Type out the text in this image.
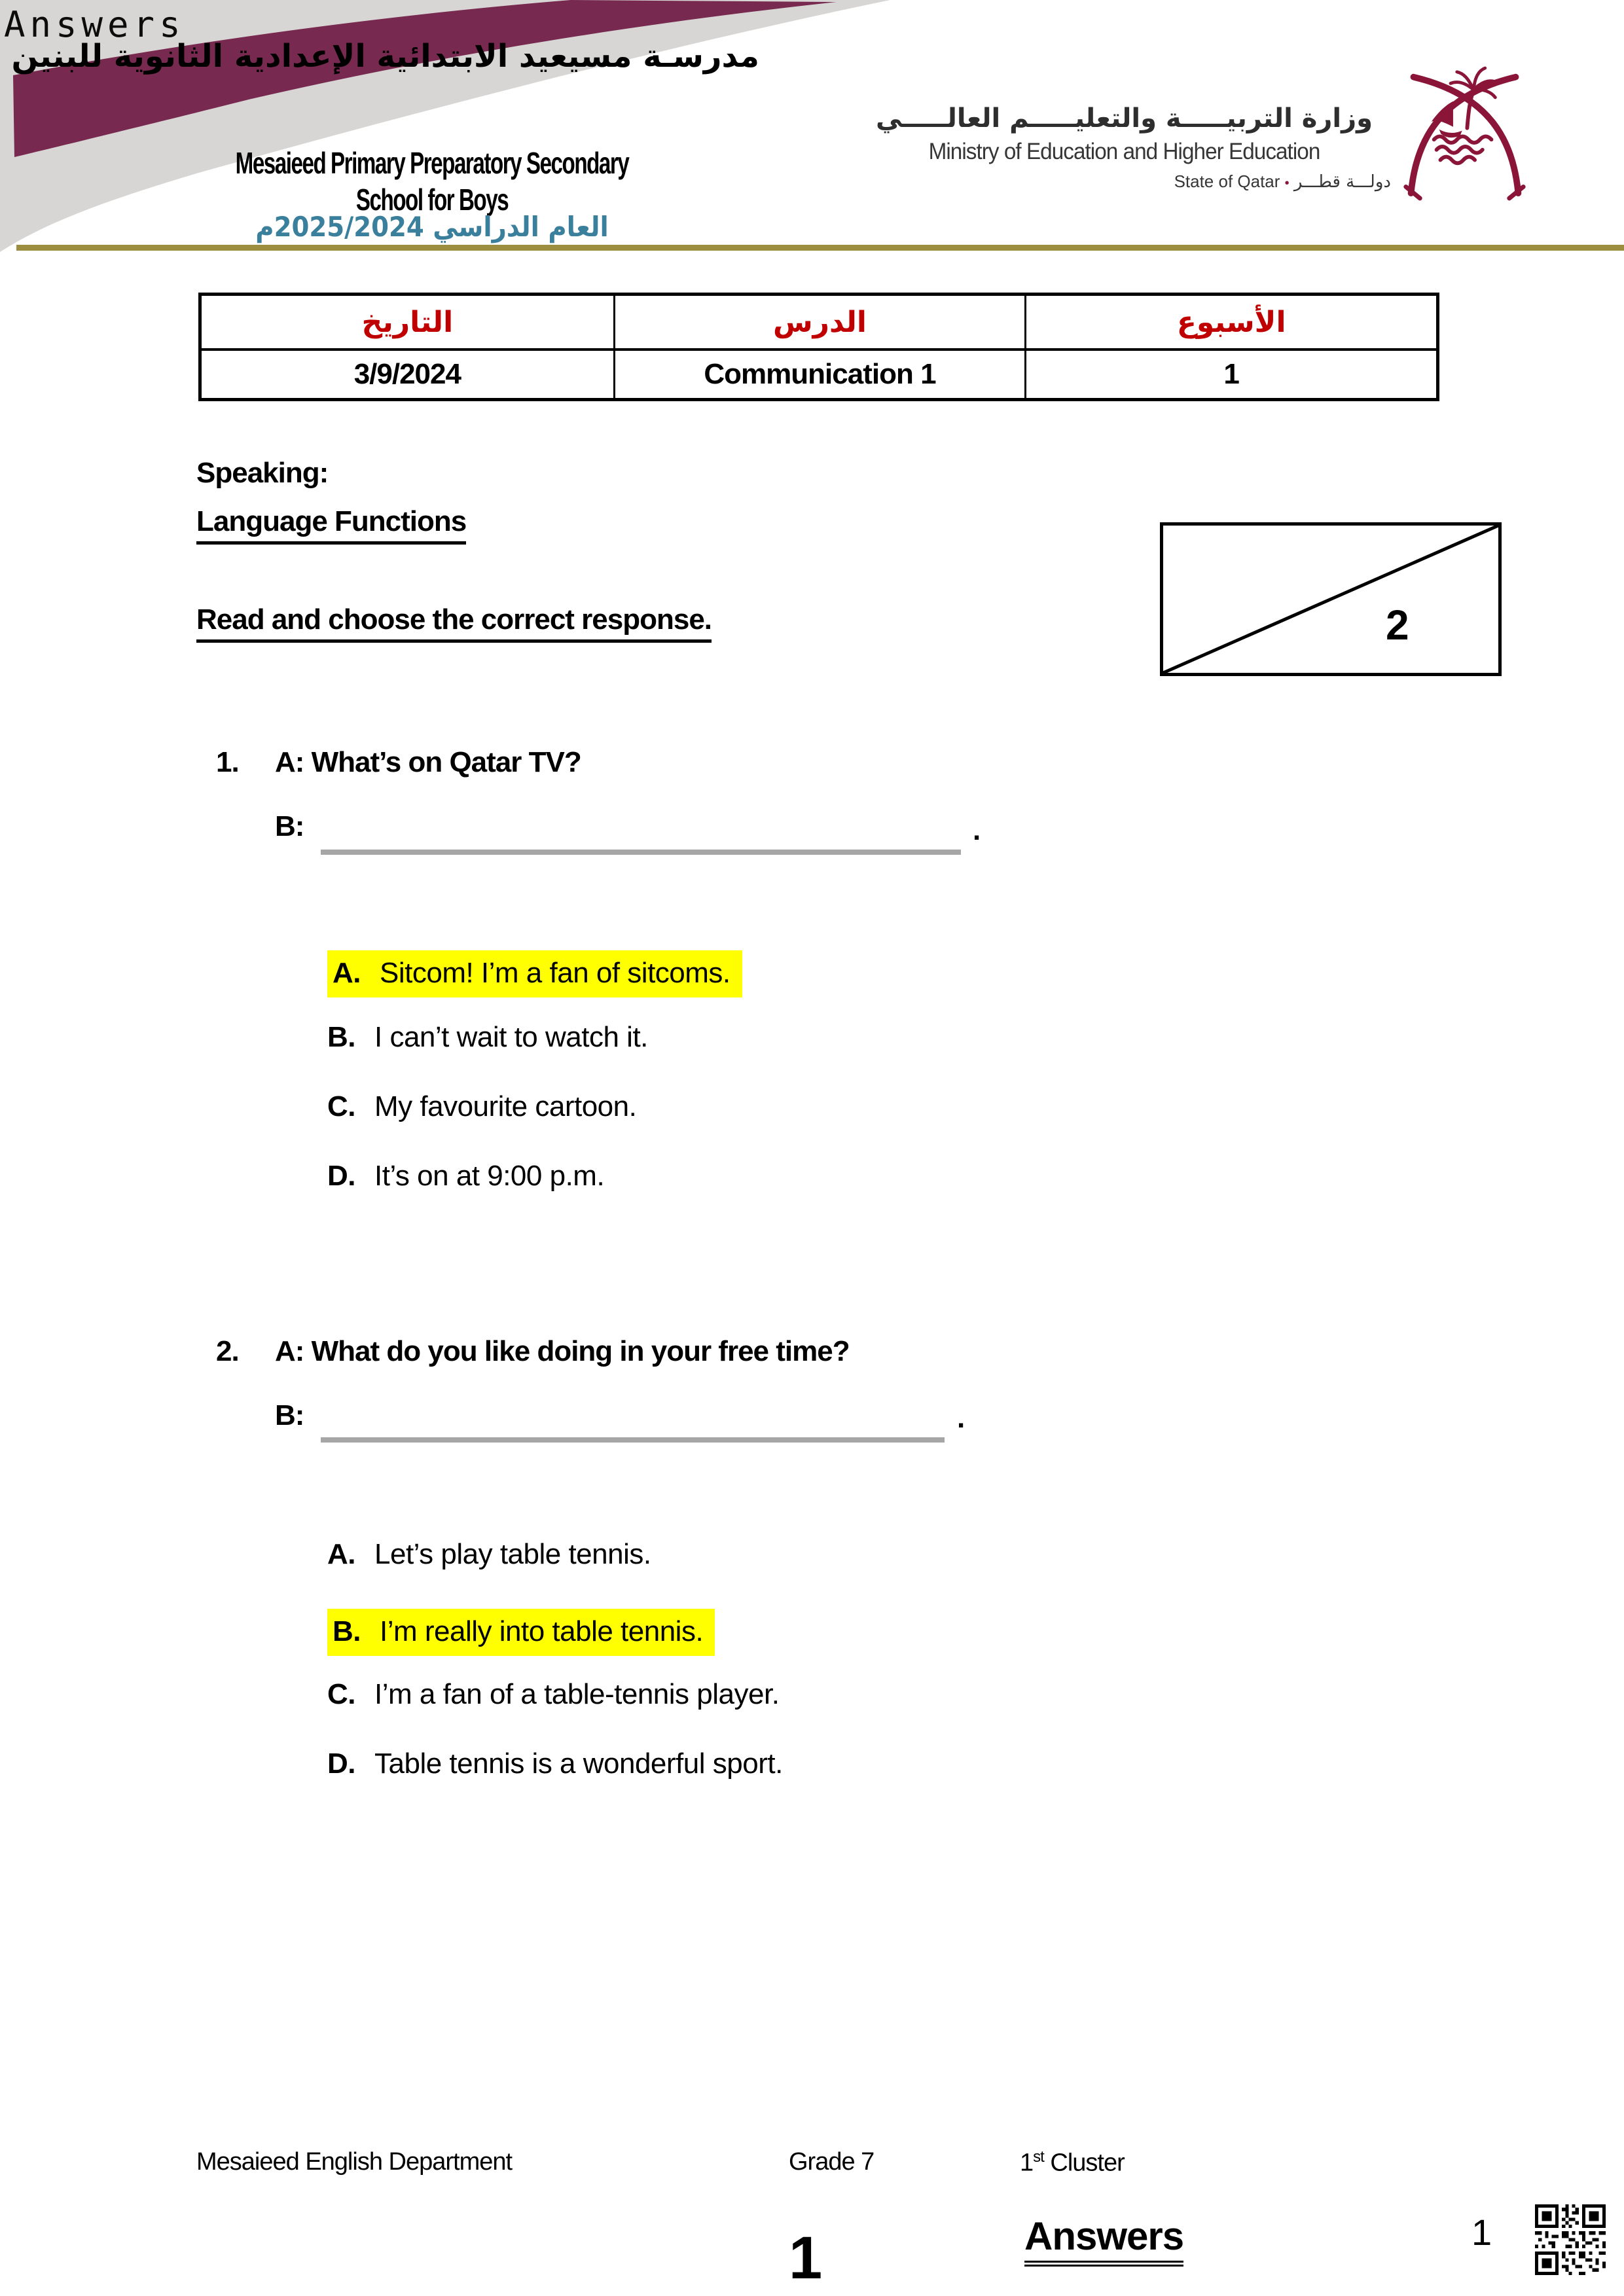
Answers
مدرسـة مسيعيد الابتدائية الإعدادية الثانوية للبنين
Mesaieed Primary Preparatory Secondary
School for Boys
العام الدراسي 2025/2024م
وزارة التربيـــــة والتعليـــــم العالـــــي
Ministry of Education and Higher Education
State of Qatar • دولـــة قطـــر
التاريخ	الدرس	الأسبوع
3/9/2024	Communication 1	1
Speaking:
Language Functions
Read and choose the correct response.	2
1. A: What’s on Qatar TV?
B:	.
A. Sitcom! I’m a fan of sitcoms.
B. I can’t wait to watch it.
C. My favourite cartoon.
D. It’s on at 9:00 p.m.
2. A: What do you like doing in your free time?
B:	.
A. Let’s play table tennis.
B. I’m really into table tennis.
C. I’m a fan of a table-tennis player.
D. Table tennis is a wonderful sport.
Mesaieed English Department	Grade 7	1st Cluster
1	Answers	1
